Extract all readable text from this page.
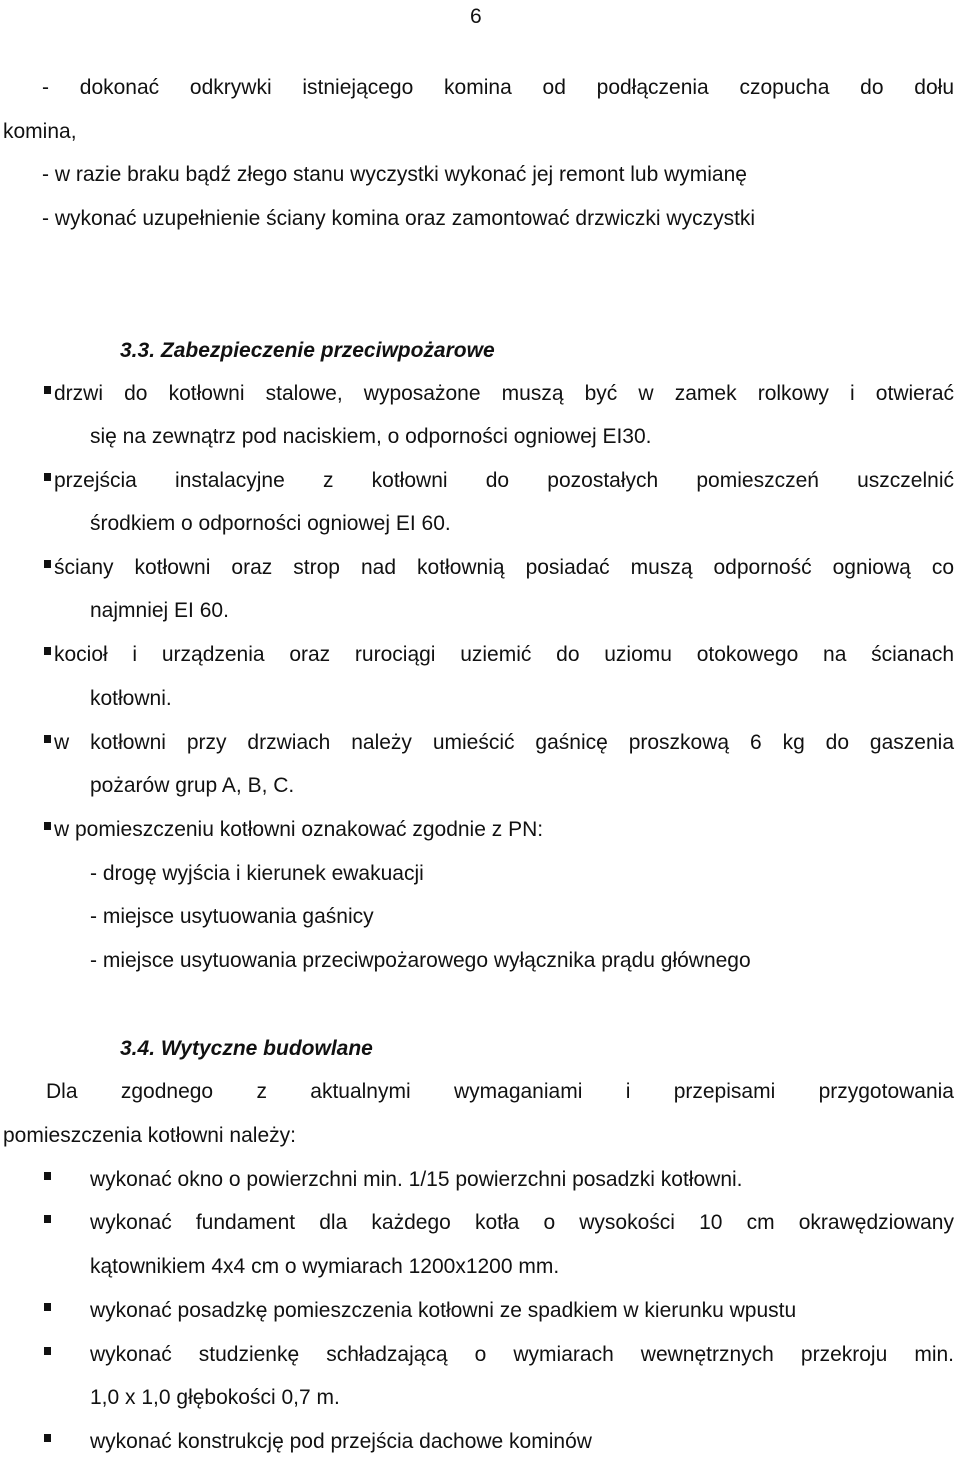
6
- dokonać odkrywki istniejącego komina od podłączenia czopucha do dołu
komina,
- w razie braku bądź złego stanu wyczystki wykonać jej remont lub wymianę
- wykonać uzupełnienie ściany komina oraz zamontować drzwiczki wyczystki
3.3. Zabezpieczenie przeciwpożarowe
drzwi do kotłowni stalowe, wyposażone muszą być w zamek rolkowy i otwierać
się na zewnątrz pod naciskiem, o odporności ogniowej EI30.
przejścia instalacyjne z kotłowni do pozostałych pomieszczeń uszczelnić
środkiem o odporności ogniowej EI 60.
ściany kotłowni oraz strop nad kotłownią posiadać muszą odporność ogniową co
najmniej EI 60.
kocioł i urządzenia oraz rurociągi uziemić do uziomu otokowego na ścianach
kotłowni.
w kotłowni przy drzwiach należy umieścić gaśnicę proszkową 6 kg do gaszenia
pożarów grup A, B, C.
w pomieszczeniu kotłowni oznakować zgodnie z PN:
- drogę wyjścia i kierunek ewakuacji
- miejsce usytuowania gaśnicy
- miejsce usytuowania przeciwpożarowego wyłącznika prądu głównego
3.4. Wytyczne budowlane
Dla zgodnego z aktualnymi wymaganiami i przepisami przygotowania
pomieszczenia kotłowni należy:
wykonać okno o powierzchni min. 1/15 powierzchni posadzki kotłowni.
wykonać fundament dla każdego kotła o wysokości 10 cm okrawędziowany
kątownikiem 4x4 cm o wymiarach 1200x1200 mm.
wykonać posadzkę pomieszczenia kotłowni ze spadkiem w kierunku wpustu
wykonać studzienkę schładzającą o wymiarach wewnętrznych przekroju min.
1,0 x 1,0 głębokości 0,7 m.
wykonać konstrukcję pod przejścia dachowe kominów
